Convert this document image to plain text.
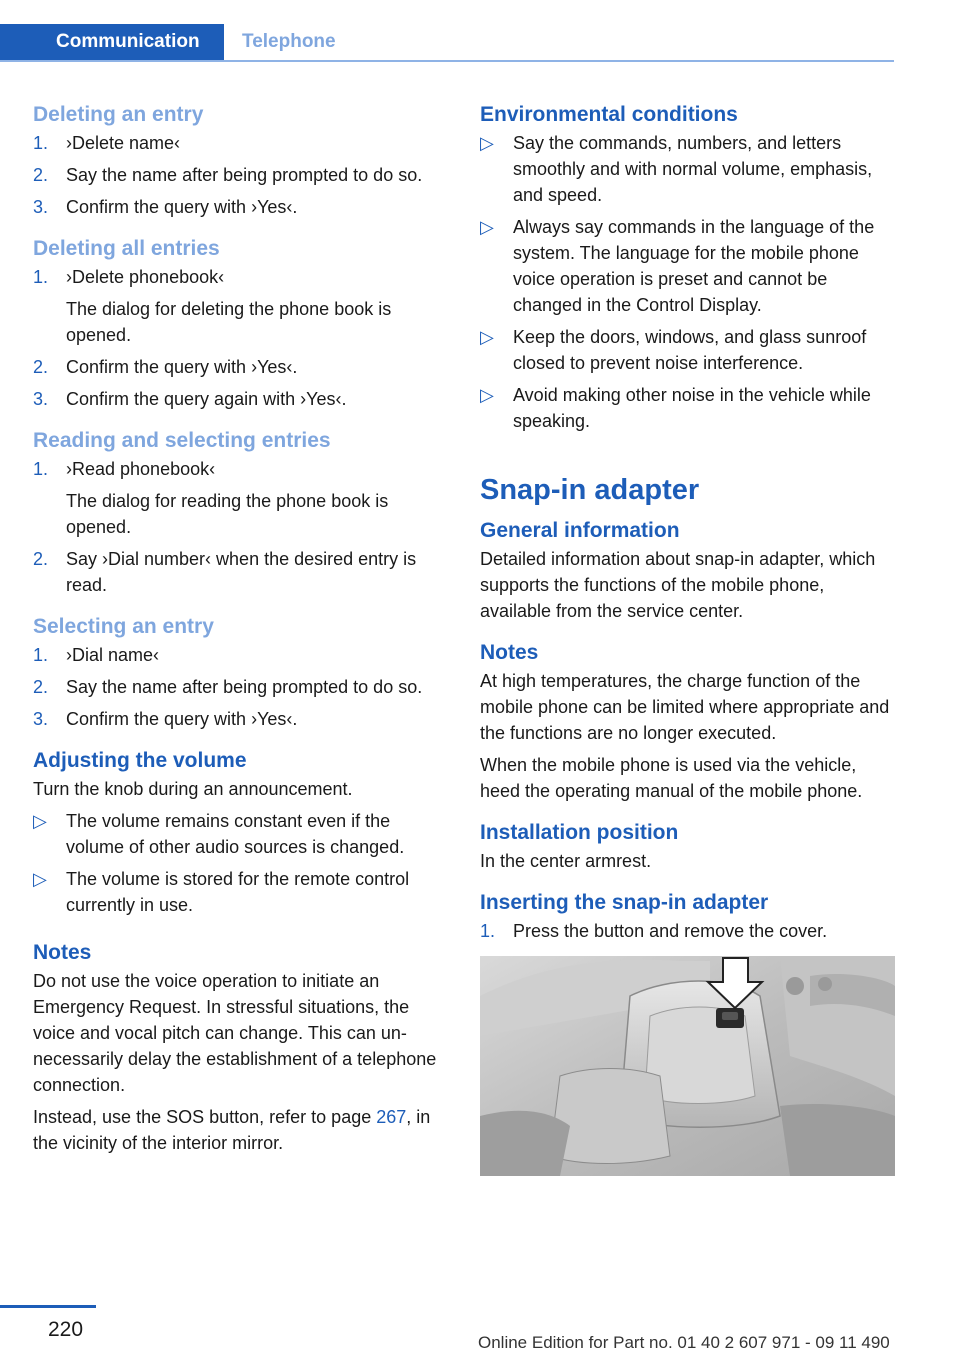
Communication	Telephone
Deleting an entry
1. ›Delete name‹
2. Say the name after being prompted to do so.
3. Confirm the query with ›Yes‹.
Deleting all entries
1. ›Delete phonebook‹
The dialog for deleting the phone book is opened.
2. Confirm the query with ›Yes‹.
3. Confirm the query again with ›Yes‹.
Reading and selecting entries
1. ›Read phonebook‹
The dialog for reading the phone book is opened.
2. Say ›Dial number‹ when the desired entry is read.
Selecting an entry
1. ›Dial name‹
2. Say the name after being prompted to do so.
3. Confirm the query with ›Yes‹.
Adjusting the volume

Turn the knob during an announcement.

▷ The volume remains constant even if the volume of other audio sources is changed.
▷ The volume is stored for the remote control currently in use.
Notes

Do not use the voice operation to initiate an Emergency Request. In stressful situations, the voice and vocal pitch can change. This can unnecessarily delay the establishment of a telephone connection.

Instead, use the SOS button, refer to page 267, in the vicinity of the interior mirror.

Environmental conditions
▷ Say the commands, numbers, and letters smoothly and with normal volume, emphasis, and speed.
▷ Always say commands in the language of the system. The language for the mobile phone voice operation is preset and cannot be changed in the Control Display.
▷ Keep the doors, windows, and glass sunroof closed to prevent noise interference.
▷ Avoid making other noise in the vehicle while speaking.
Snap-in adapter
General information

Detailed information about snap-in adapter, which supports the functions of the mobile phone, available from the service center.

Notes

At high temperatures, the charge function of the mobile phone can be limited where appropriate and the functions are no longer executed.

When the mobile phone is used via the vehicle, heed the operating manual of the mobile phone.

Installation position

In the center armrest.

Inserting the snap-in adapter
1. Press the button and remove the cover.
220
Online Edition for Part no. 01 40 2 607 971 - 09 11 490
